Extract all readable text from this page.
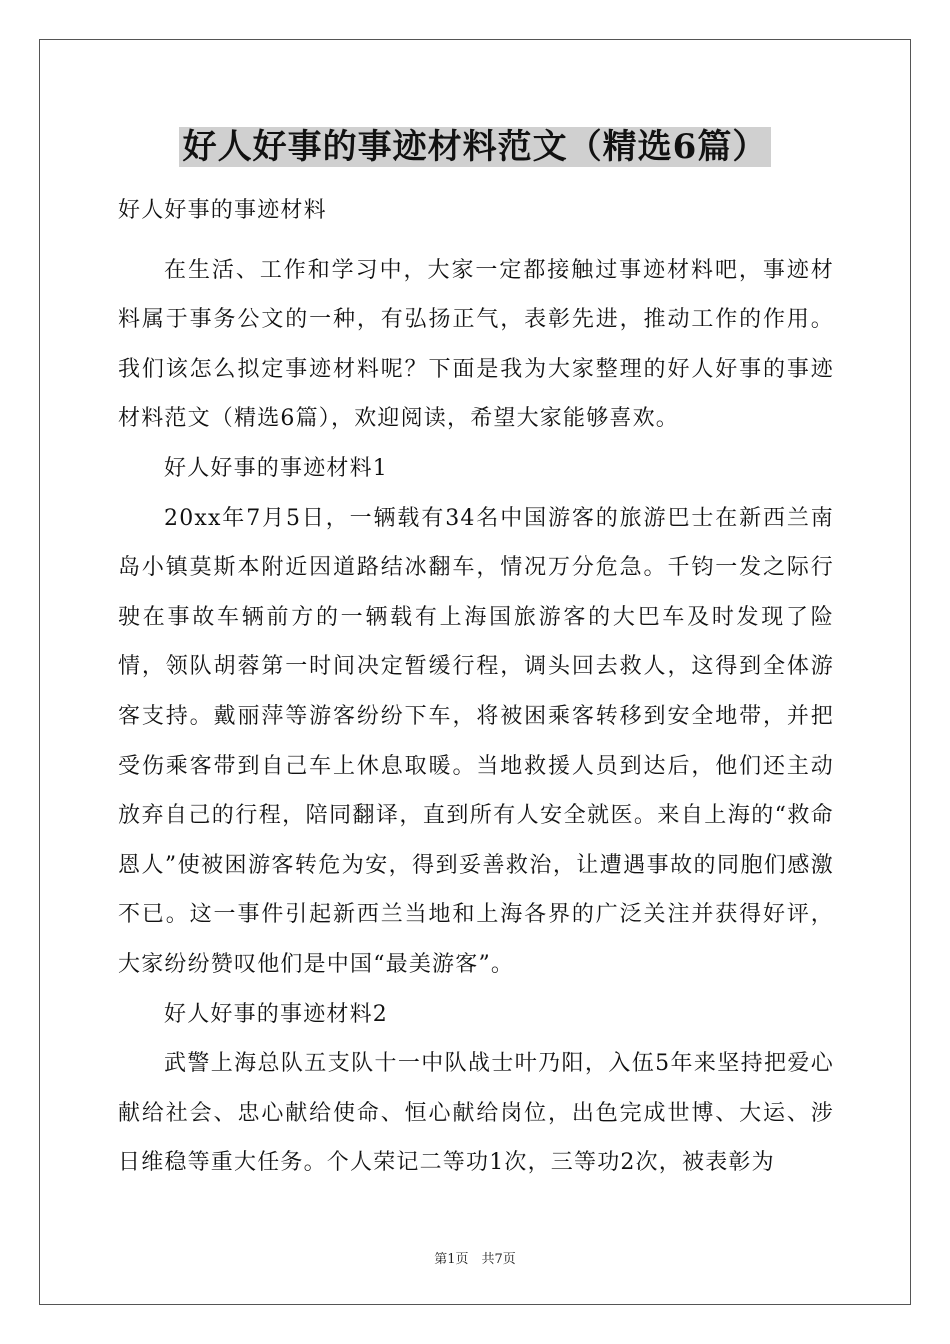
好人好事的事迹材料范文（精选6篇）

好人好事的事迹材料

在生活、工作和学习中，大家一定都接触过事迹材料吧，事迹材料属于事务公文的一种，有弘扬正气，表彰先进，推动工作的作用。我们该怎么拟定事迹材料呢？下面是我为大家整理的好人好事的事迹材料范文（精选6篇），欢迎阅读，希望大家能够喜欢。

好人好事的事迹材料1

20xx年7月5日，一辆载有34名中国游客的旅游巴士在新西兰南岛小镇莫斯本附近因道路结冰翻车，情况万分危急。千钧一发之际行驶在事故车辆前方的一辆载有上海国旅游客的大巴车及时发现了险情，领队胡蓉第一时间决定暂缓行程，调头回去救人，这得到全体游客支持。戴丽萍等游客纷纷下车，将被困乘客转移到安全地带，并把受伤乘客带到自己车上休息取暖。当地救援人员到达后，他们还主动放弃自己的行程，陪同翻译，直到所有人安全就医。来自上海的“救命恩人”使被困游客转危为安，得到妥善救治，让遭遇事故的同胞们感激不已。这一事件引起新西兰当地和上海各界的广泛关注并获得好评，大家纷纷赞叹他们是中国“最美游客”。

好人好事的事迹材料2

武警上海总队五支队十一中队战士叶乃阳，入伍5年来坚持把爱心献给社会、忠心献给使命、恒心献给岗位，出色完成世博、大运、涉日维稳等重大任务。个人荣记二等功1次，三等功2次，被表彰为

第1页　共7页
